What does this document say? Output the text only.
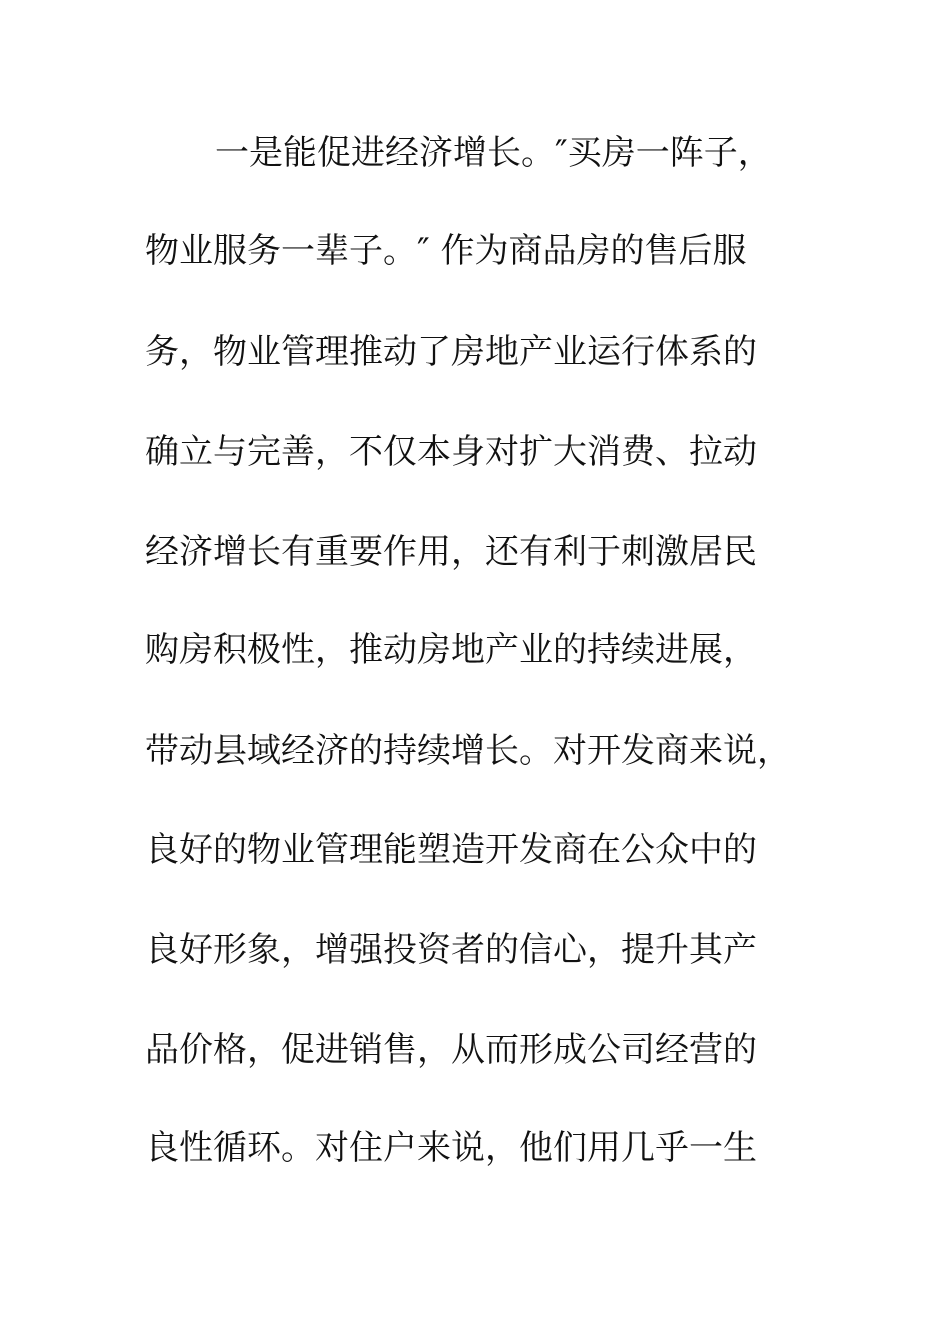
一是能促进经济增长。″买房一阵子，
物业服务一辈子。″ 作为商品房的售后服
务，物业管理推动了房地产业运行体系的
确立与完善，不仅本身对扩大消费、拉动
经济增长有重要作用，还有利于刺激居民
购房积极性，推动房地产业的持续进展，
带动县域经济的持续增长。对开发商来说，
良好的物业管理能塑造开发商在公众中的
良好形象，增强投资者的信心，提升其产
品价格，促进销售，从而形成公司经营的
良性循环。对住户来说，他们用几乎一生
